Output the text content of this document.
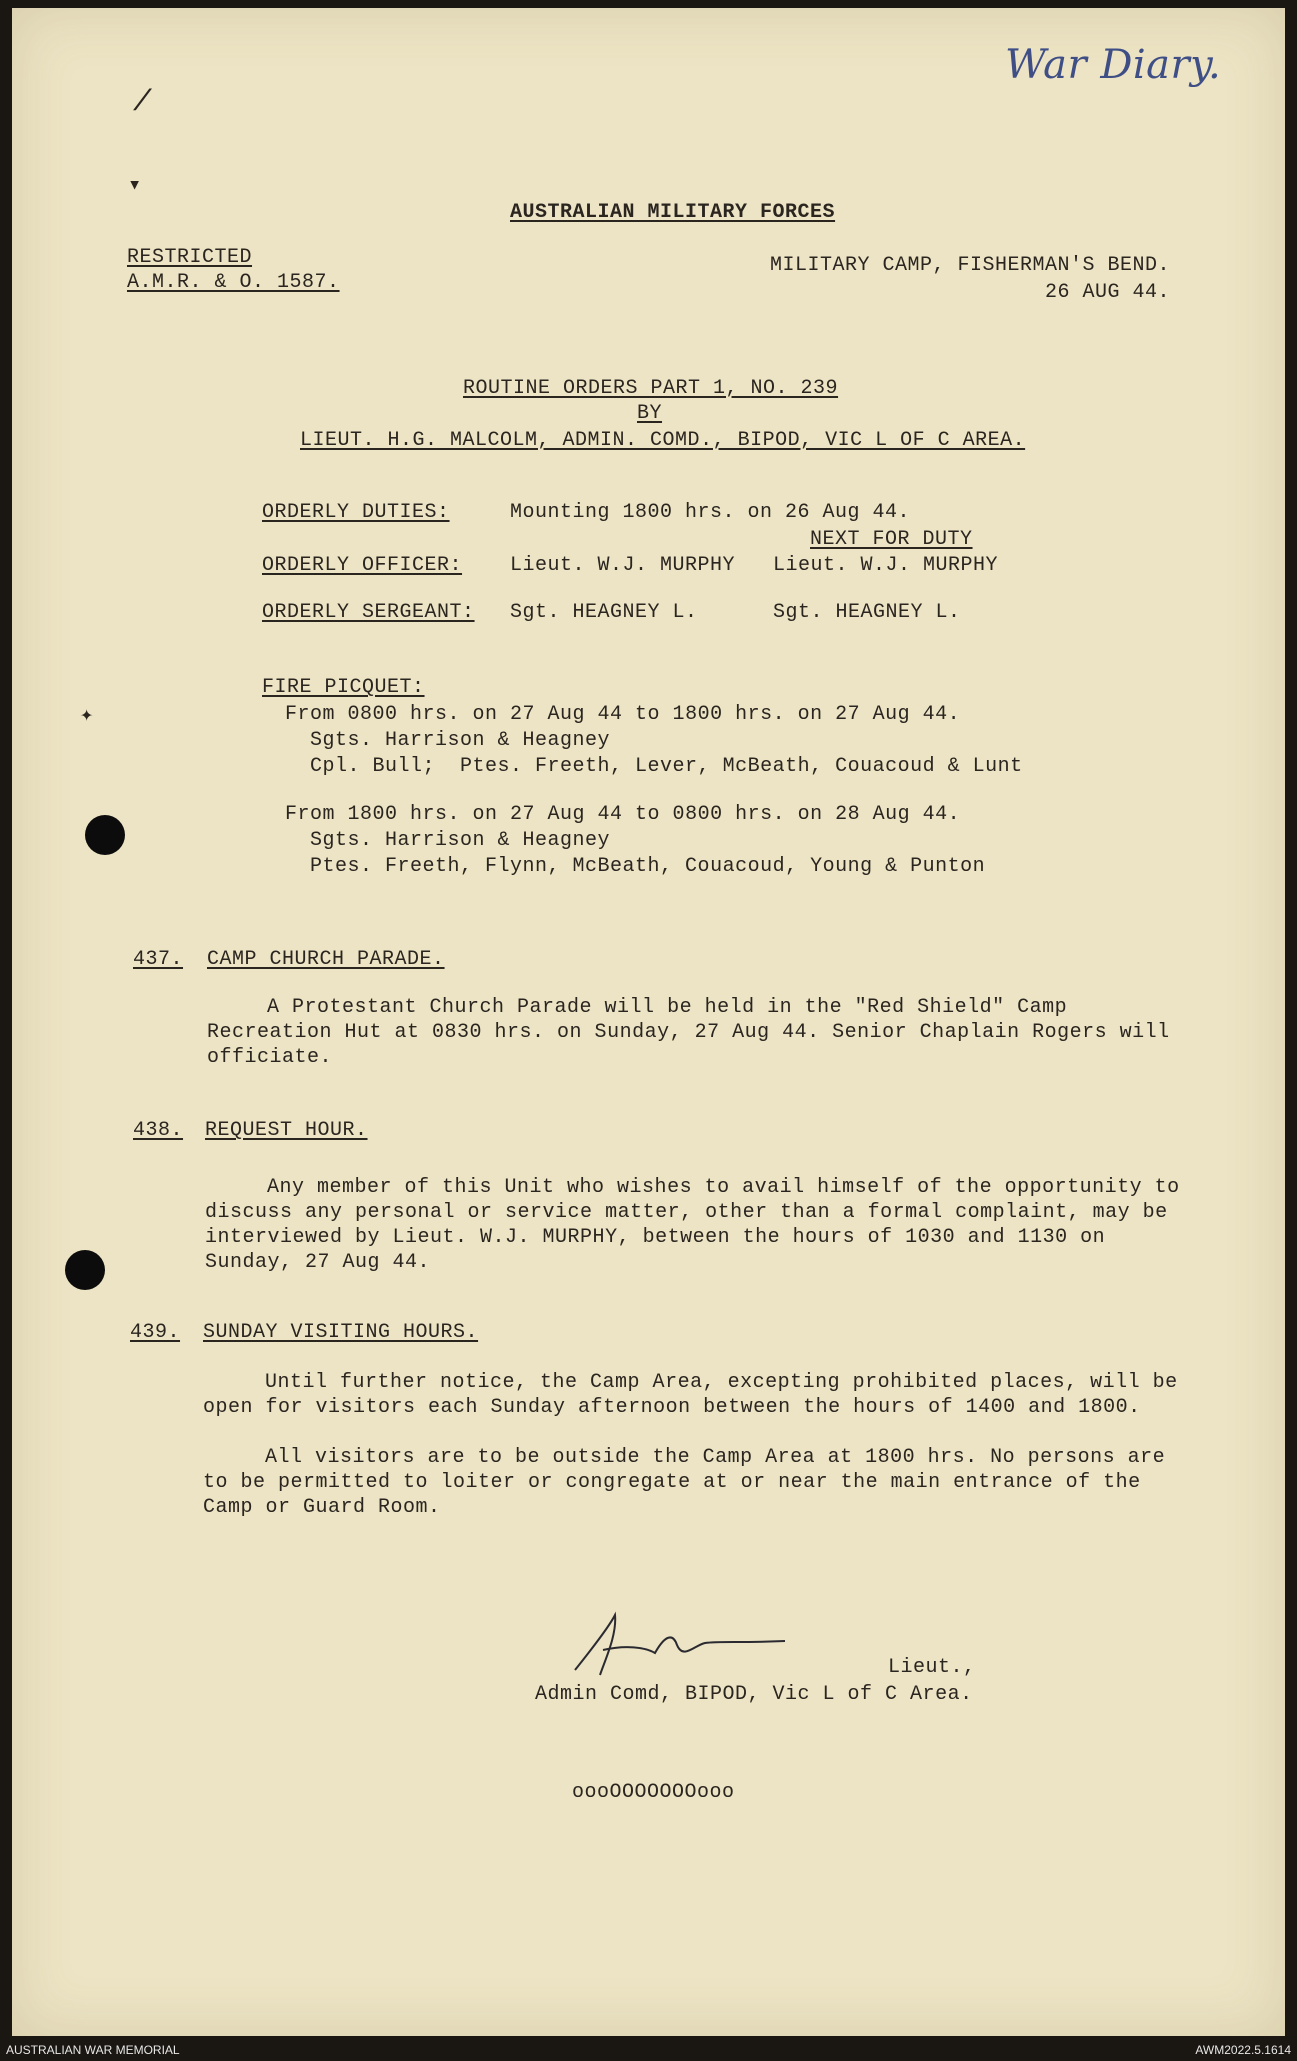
War Diary.
/
▾
✦
AUSTRALIAN MILITARY FORCES
RESTRICTED
A.M.R. & O. 1587.
MILITARY CAMP, FISHERMAN'S BEND.
26 AUG 44.
ROUTINE ORDERS PART 1, NO. 239
BY
LIEUT. H.G. MALCOLM, ADMIN. COMD., BIPOD, VIC L OF C AREA.
ORDERLY DUTIES:	Mounting 1800 hrs. on 26 Aug 44.
NEXT FOR DUTY
ORDERLY OFFICER: Lieut. W.J. MURPHY Lieut. W.J. MURPHY
ORDERLY SERGEANT: Sgt. HEAGNEY L.	Sgt. HEAGNEY L.
FIRE PICQUET:
From 0800 hrs. on 27 Aug 44 to 1800 hrs. on 27 Aug 44.
Sgts. Harrison & Heagney
Cpl. Bull;  Ptes. Freeth, Lever, McBeath, Couacoud & Lunt
From 1800 hrs. on 27 Aug 44 to 0800 hrs. on 28 Aug 44.
Sgts. Harrison & Heagney
Ptes. Freeth, Flynn, McBeath, Couacoud, Young & Punton
437. CAMP CHURCH PARADE.
A Protestant Church Parade will be held in the "Red Shield" Camp Recreation Hut at 0830 hrs. on Sunday, 27 Aug 44. Senior Chaplain Rogers will officiate.
438. REQUEST HOUR.
Any member of this Unit who wishes to avail himself of the opportunity to discuss any personal or service matter, other than a formal complaint, may be interviewed by Lieut. W.J. MURPHY, between the hours of 1030 and 1130 on Sunday, 27 Aug 44.
439. SUNDAY VISITING HOURS.
Until further notice, the Camp Area, excepting prohibited places, will be open for visitors each Sunday afternoon between the hours of 1400 and 1800.
All visitors are to be outside the Camp Area at 1800 hrs. No persons are to be permitted to loiter or congregate at or near the main entrance of the Camp or Guard Room.
Lieut.,
Admin Comd, BIPOD, Vic L of C Area.
oooOOOOOOOooo
AUSTRALIAN WAR MEMORIAL	AWM2022.5.1614
